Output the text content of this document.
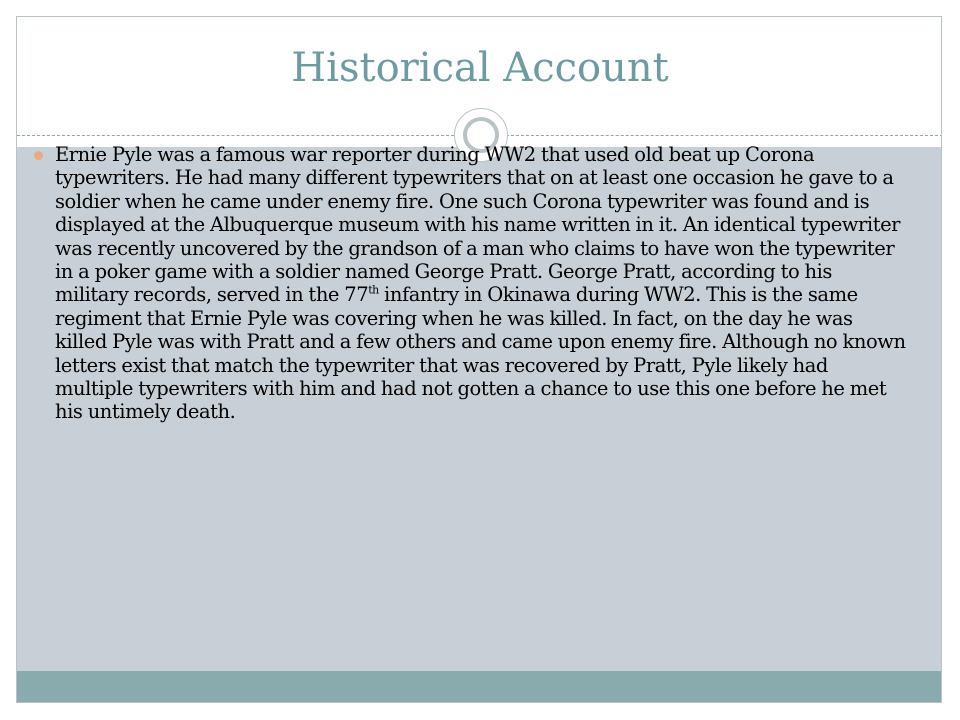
Historical Account
Ernie Pyle was a famous war reporter during WW2 that used old beat up Corona typewriters. He had many different typewriters that on at least one occasion he gave to a soldier when he came under enemy fire. One such Corona typewriter was found and is displayed at the Albuquerque museum with his name written in it. An identical typewriter was recently uncovered by the grandson of a man who claims to have won the typewriter in a poker game with a soldier named George Pratt. George Pratt, according to his military records, served in the 77th infantry in Okinawa during WW2. This is the same regiment that Ernie Pyle was covering when he was killed. In fact, on the day he was killed Pyle was with Pratt and a few others and came upon enemy fire. Although no known letters exist that match the typewriter that was recovered by Pratt, Pyle likely had multiple typewriters with him and had not gotten a chance to use this one before he met his untimely death.
